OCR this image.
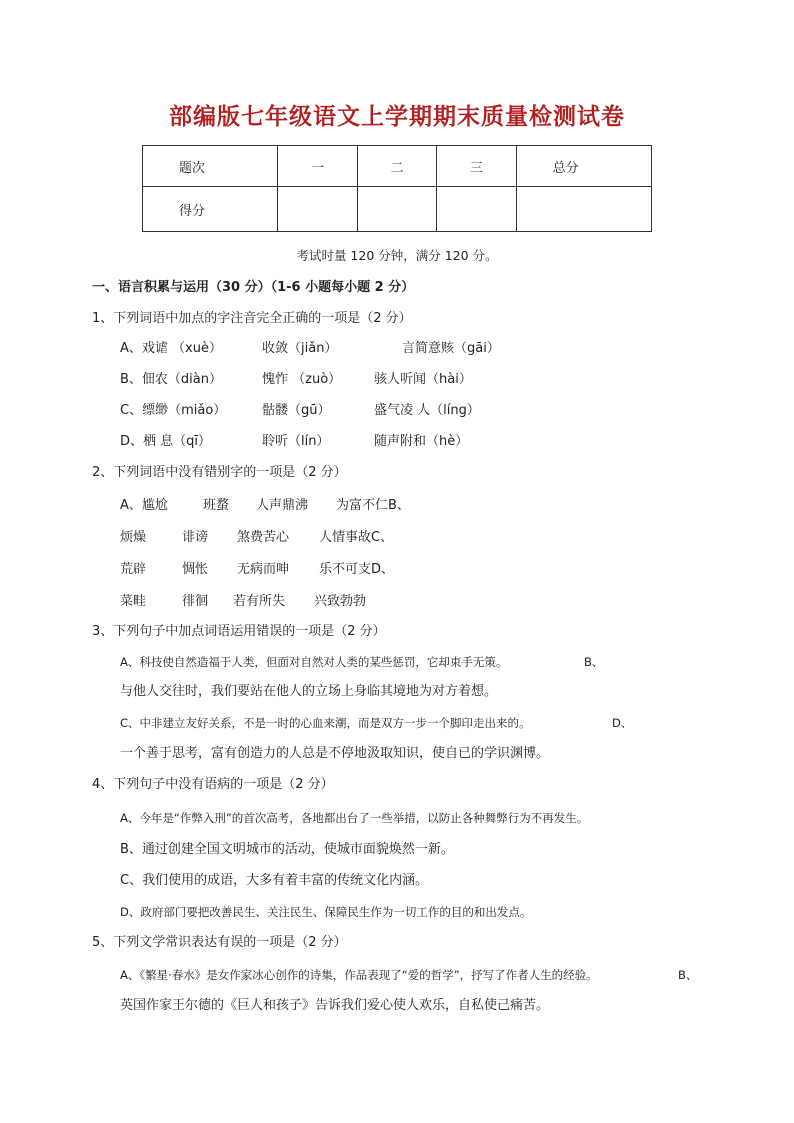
部编版七年级语文上学期期末质量检测试卷
题次	一	二	三	总分
得分				
考试时量 120 分钟，满分 120 分。
一、语言积累与运用（30 分）（1-6 小题每小题 2 分）
1、下列词语中加点的字注音完全正确的一项是（2 分）
A、戏谑 （xuè）	收敛（jiǎn）	言简意赅（gāi）
B、佃农（diàn）	愧怍 （zuò）	骇人听闻（hài）
C、缥缈（miǎo）	骷髅（gū）	盛气凌 人（líng）
D、栖 息（qī）	聆听（lín）	随声附和（hè）
2、下列词语中没有错别字的一项是（2 分）
A、尴尬	班蝥 人声鼎沸 为富不仁B、
烦燥	诽谤 煞费苦心 人情事故C、
荒辟	惆怅 无病而呻 乐不可支D、
菜畦	徘徊 若有所失 兴致勃勃
3、下列句子中加点词语运用错误的一项是（2 分）
A、科技使自然造福于人类，但面对自然对人类的某些惩罚，它却束手无策。	B、
与他人交往时，我们要站在他人的立场上身临其境地为对方着想。
C、中非建立友好关系，不是一时的心血来潮，而是双方一步一个脚印走出来的。	D、
一个善于思考，富有创造力的人总是不停地汲取知识，使自已的学识渊博。
4、下列句子中没有语病的一项是（2 分）
A、今年是“作弊入刑”的首次高考，各地都出台了一些举措，以防止各种舞弊行为不再发生。
B、通过创建全国文明城市的活动，使城市面貌焕然一新。
C、我们使用的成语，大多有着丰富的传统文化内涵。
D、政府部门要把改善民生、关注民生、保障民生作为一切工作的目的和出发点。
5、下列文学常识表达有误的一项是（2 分）
A、《繁星·春水》是女作家冰心创作的诗集，作品表现了“爱的哲学”，抒写了作者人生的经验。	B、
英国作家王尔德的《巨人和孩子》告诉我们爱心使人欢乐，自私使己痛苦。
